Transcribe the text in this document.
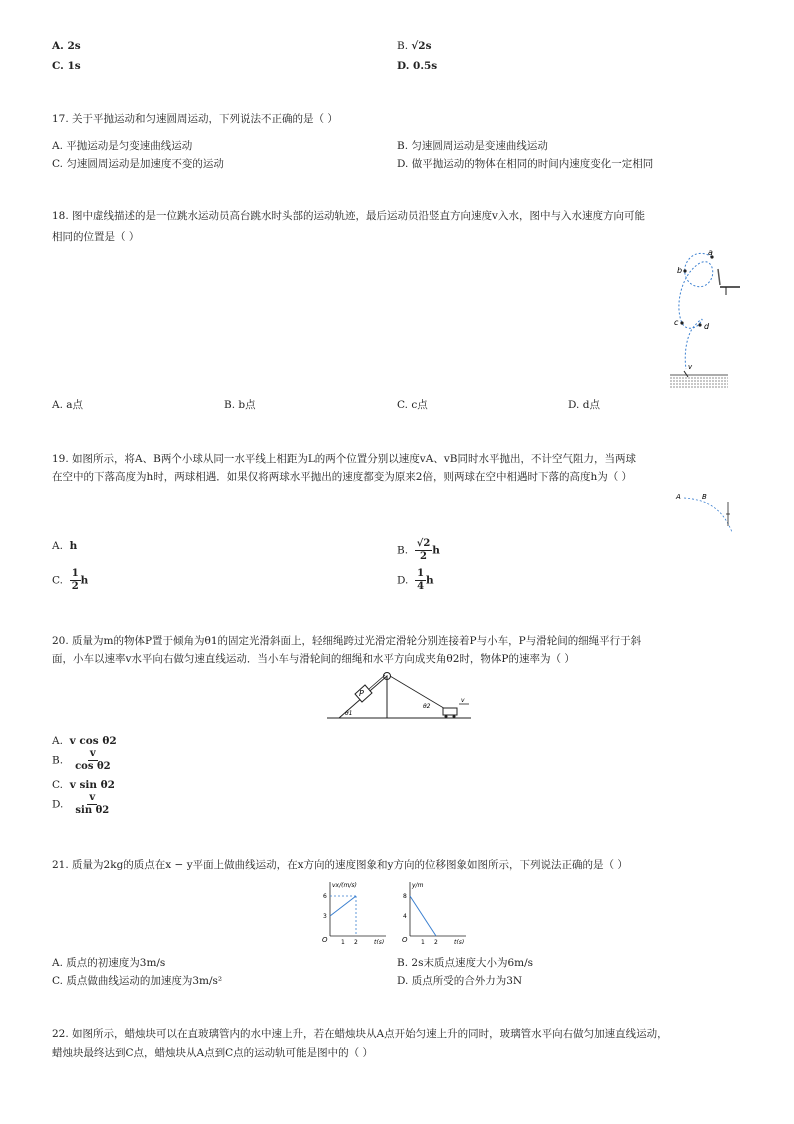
A. 2s	B. √2s
C. 1s	D. 0.5s
17. 关于平抛运动和匀速圆周运动，下列说法不正确的是（ ）
A. 平抛运动是匀变速曲线运动	B. 匀速圆周运动是变速曲线运动
C. 匀速圆周运动是加速度不变的运动	D. 做平抛运动的物体在相同的时间内速度变化一定相同
18. 图中虚线描述的是一位跳水运动员高台跳水时头部的运动轨迹，最后运动员沿竖直方向速度v入水，图中与入水速度方向可能
相同的位置是（ ）
a
b
c	d
v
A. a点	B. b点	C. c点	D. d点
19. 如图所示，将A、B两个小球从同一水平线上相距为L的两个位置分别以速度vA、vB同时水平抛出，不计空气阻力，当两球
在空中的下落高度为h时，两球相遇．如果仅将两球水平抛出的速度都变为原来2倍，则两球在空中相遇时下落的高度h为（ ）
A	B
A. h	B. $\frac{√2}{2}$ h
C. $\frac{1}{2}$ h	D. $\frac{1}{4}$ h
20. 质量为m的物体P置于倾角为θ1的固定光滑斜面上，轻细绳跨过光滑定滑轮分别连接着P与小车，P与滑轮间的细绳平行于斜
面，小车以速率v水平向右做匀速直线运动．当小车与滑轮间的细绳和水平方向成夹角θ2时，物体P的速率为（ ）
P
θ1
θ2
v
A. v cos θ2
B. $\frac{v}{\text{cos θ2}}$
C. v sin θ2
D. $\frac{v}{\text{sin θ2}}$
21. 质量为2kg的质点在x − y平面上做曲线运动，在x方向的速度图象和y方向的位移图象如图所示，下列说法正确的是（ ）
vx/(m/s)
t(s)
6
3
1 2
O
y/m
t(s)
8
4
1 2
O
A. 质点的初速度为3m/s	B. 2s末质点速度大小为6m/s
C. 质点做曲线运动的加速度为3m/s²	D. 质点所受的合外力为3N
22. 如图所示，蜡烛块可以在直玻璃管内的水中速上升，若在蜡烛块从A点开始匀速上升的同时，玻璃管水平向右做匀加速直线运动，
蜡烛块最终达到C点，蜡烛块从A点到C点的运动轨可能是图中的（ ）
